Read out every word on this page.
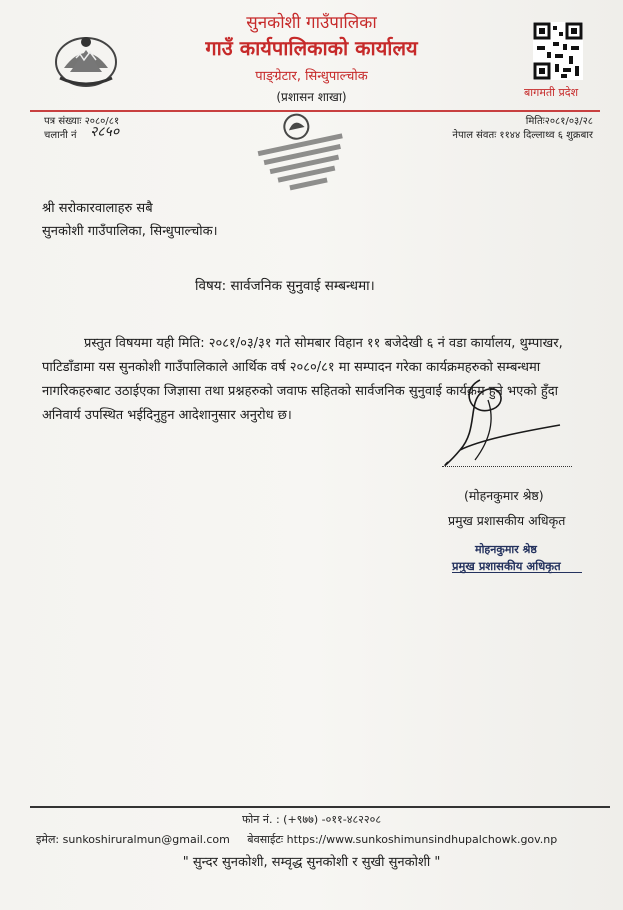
सुनकोशी गाउँपालिका
गाउँ कार्यपालिकाको कार्यालय
पाङ्ग्रेटार, सिन्धुपाल्चोक
(प्रशासन शाखा)	बागमती प्रदेश
पत्र संख्याः २०८०/८१
चलानी नं २८५०
मितिः२०८१/०३/२८
नेपाल संवतः ११४४ दिल्लाथ्व ६ शुक्रबार
श्री सरोकारवालाहरु सबै
सुनकोशी गाउँपालिका, सिन्धुपाल्चोक।
विषय: सार्वजनिक सुनुवाई सम्बन्धमा।
प्रस्तुत विषयमा यही मिति: २०८१/०३/३१ गते सोमबार विहान ११ बजेदेखी ६ नं वडा कार्यालय, थुम्पाखर,
पाटिडाँडामा यस सुनकोशी गाउँपालिकाले आर्थिक वर्ष २०८०/८१ मा सम्पादन गरेका कार्यक्रमहरुको सम्बन्धमा
नागरिकहरुबाट उठाईएका जिज्ञासा तथा प्रश्नहरुको जवाफ सहितको सार्वजनिक सुनुवाई कार्यक्रम हुने भएको हुँदा
अनिवार्य उपस्थित भईदिनुहुन आदेशानुसार अनुरोध छ।
(मोहनकुमार श्रेष्ठ)
प्रमुख प्रशासकीय अधिकृत
मोहनकुमार श्रेष्ठ
प्रमुख प्रशासकीय अधिकृत
फोन नं. : (+९७७) -०११-४८२२०८
इमेल: sunkoshiruralmun@gmail.com बेवसाईटः https://www.sunkoshimunsindhupalchowk.gov.np
" सुन्दर सुनकोशी, सम्वृद्ध सुनकोशी र सुखी सुनकोशी "
